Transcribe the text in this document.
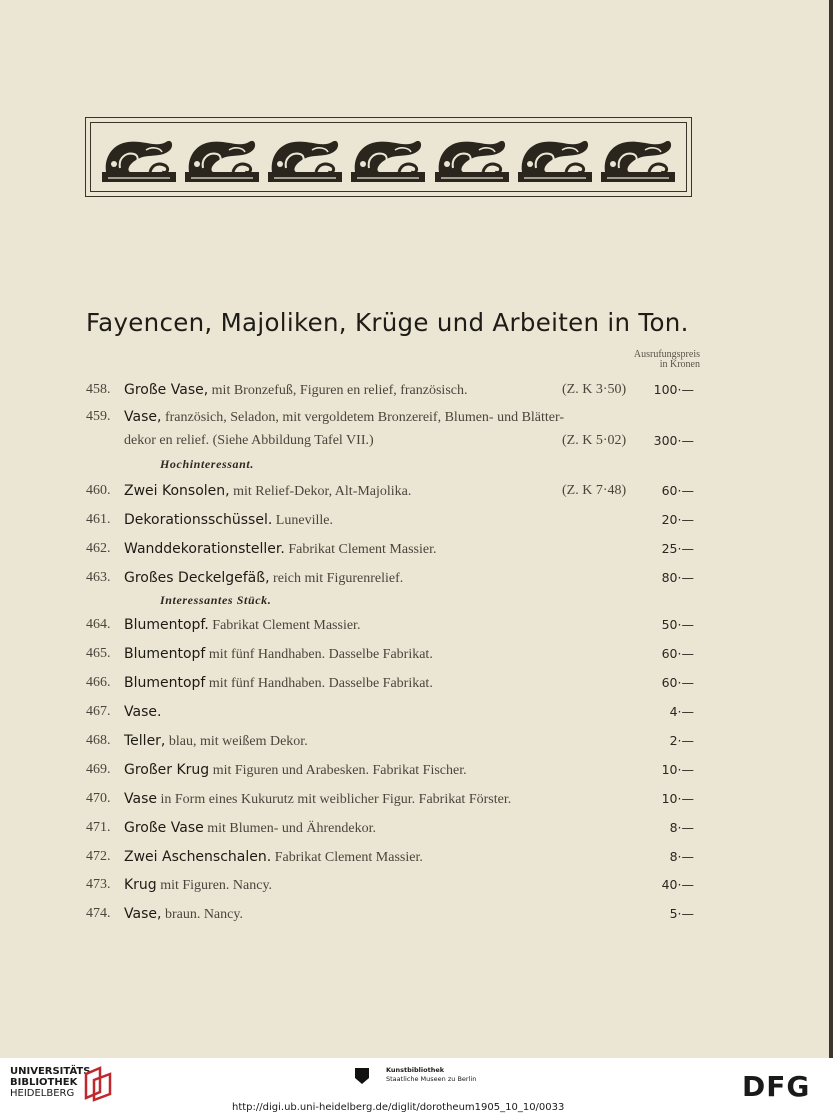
Fayencen, Majoliken, Krüge und Arbeiten in Ton.
Ausrufungspreis
in Kronen
458. Große Vase, mit Bronzefuß, Figuren en relief, französisch.	(Z. K 3·50) 100·—
459. Vase, französich, Seladon, mit vergoldetem Bronzereif, Blumen- und Blätter-
dekor en relief. (Siehe Abbildung Tafel VII.)	(Z. K 5·02) 300·—
Hochinteressant.
460. Zwei Konsolen, mit Relief-Dekor, Alt-Majolika.	(Z. K 7·48)	60·—
461. Dekorationsschüssel. Luneville.	20·—
462. Wanddekorationsteller. Fabrikat Clement Massier.	25·—
463. Großes Deckelgefäß, reich mit Figurenrelief.	80·—
Interessantes Stück.
464. Blumentopf. Fabrikat Clement Massier.	50·—
465. Blumentopf mit fünf Handhaben. Dasselbe Fabrikat.	60·—
466. Blumentopf mit fünf Handhaben. Dasselbe Fabrikat.	60·—
467. Vase.	4·—
468. Teller, blau, mit weißem Dekor.	2·—
469. Großer Krug mit Figuren und Arabesken. Fabrikat Fischer.	10·—
470. Vase in Form eines Kukurutz mit weiblicher Figur. Fabrikat Förster.	10·—
471. Große Vase mit Blumen- und Ährendekor.	8·—
472. Zwei Aschenschalen. Fabrikat Clement Massier.	8·—
473. Krug mit Figuren. Nancy.	40·—
474. Vase, braun. Nancy.	5·—
UNIVERSITÄTS-
BIBLIOTHEK
HEIDELBERG
Kunstbibliothek
Staatliche Museen zu Berlin	DFG
http://digi.ub.uni-heidelberg.de/diglit/dorotheum1905_10_10/0033
